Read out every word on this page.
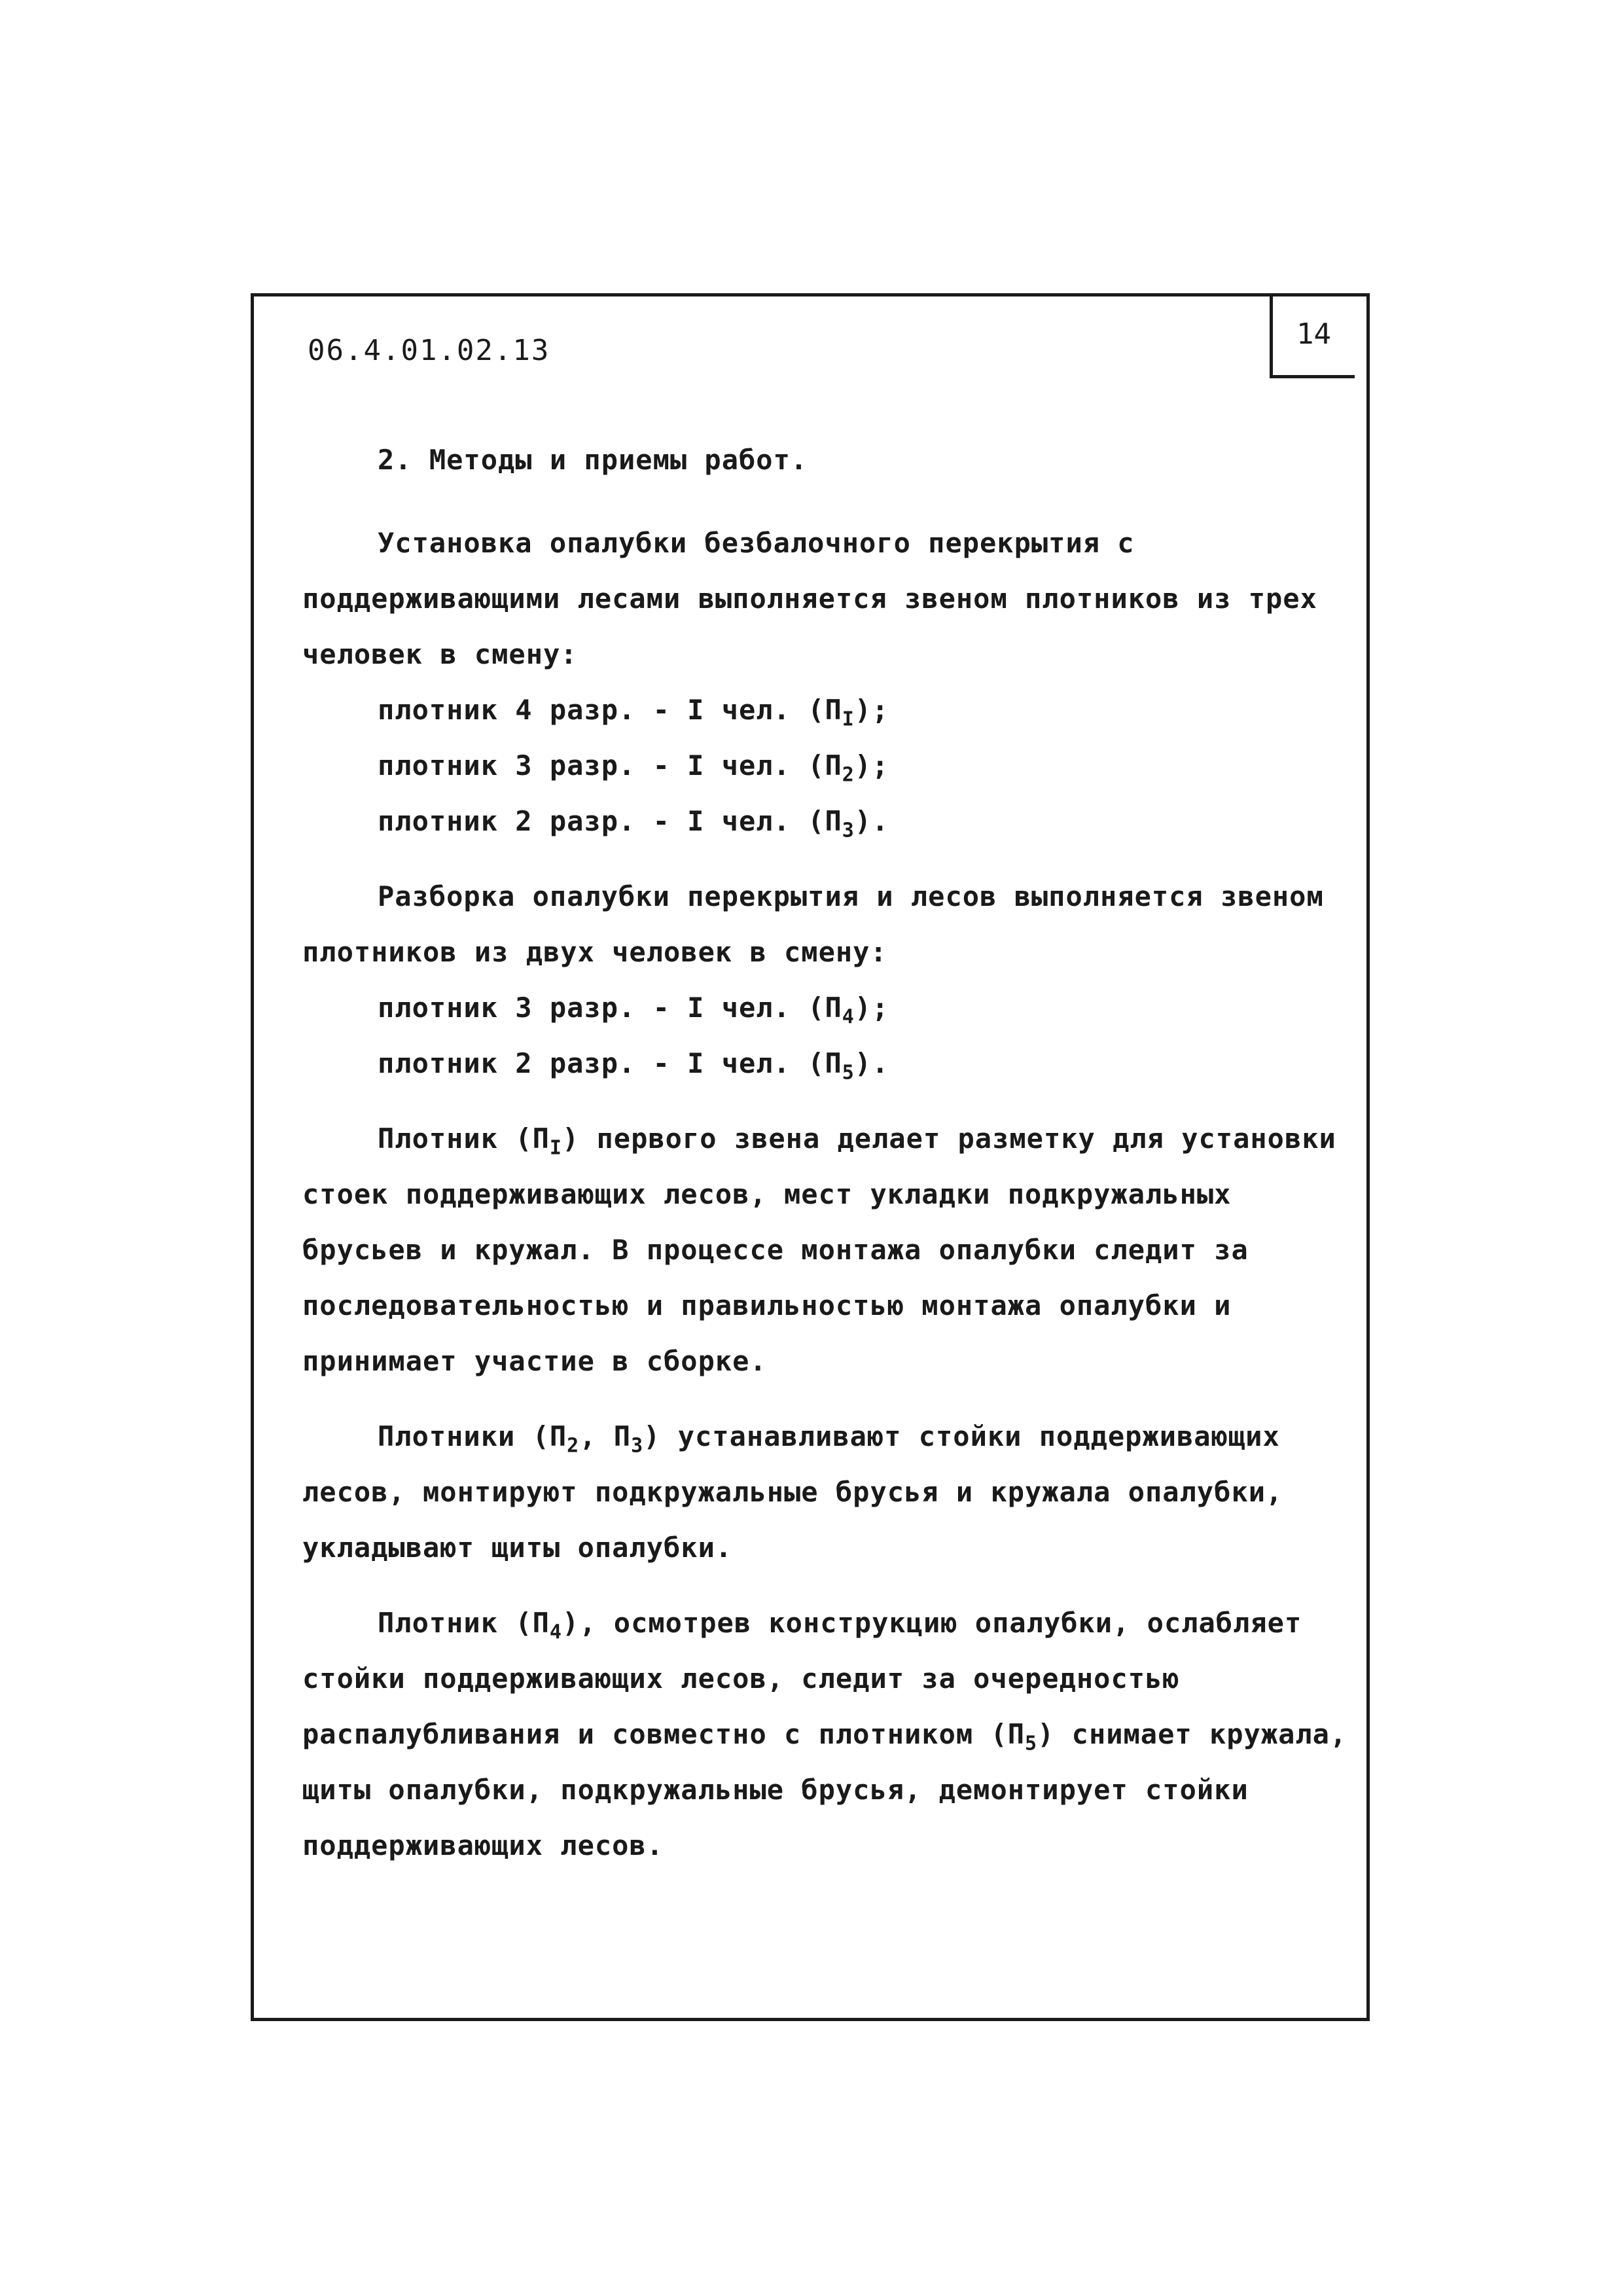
14
06.4.01.02.13

2. Методы и приемы работ.

Установка опалубки безбалочного перекрытия с поддерживающими лесами выполняется звеном плотников из трех человек в смену:

плотник 4 разр. - I чел. $(П_I)$;
плотник 3 разр. - I чел. $(П_2)$;
плотник 2 разр. - I чел. $(П_3)$.

Разборка опалубки перекрытия и лесов выполняется звеном плотников из двух человек в смену:

плотник 3 разр. - I чел. $(П_4)$;
плотник 2 разр. - I чел. $(П_5)$.

Плотник $(П_I)$ первого звена делает разметку для установки стоек поддерживающих лесов, мест укладки подкружальных брусьев и кружал. В процессе монтажа опалубки следит за последовательностью и правильностью монтажа опалубки и принимает участие в сборке.

Плотники ($П_2$, $П_3$) устанавливают стойки поддерживающих лесов, монтируют подкружальные брусья и кружала опалубки, укладывают щиты опалубки.

Плотник $(П_4)$, осмотрев конструкцию опалубки, ослабляет стойки поддерживающих лесов, следит за очередностью распалубливания и совместно с плотником $(П_5)$ снимает кружала, щиты опалубки, подкружальные брусья, демонтирует стойки поддерживающих лесов.
